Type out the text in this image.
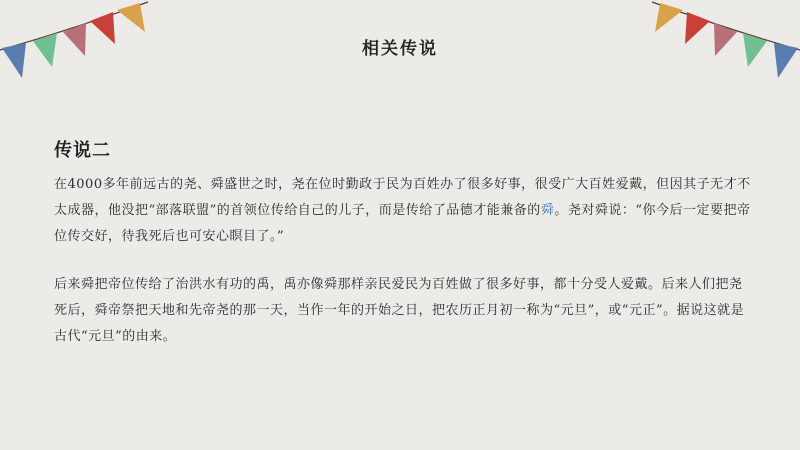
相关传说
传说二
在4000多年前远古的尧、舜盛世之时，尧在位时勤政于民为百姓办了很多好事，很受广大百姓爱戴，但因其子无才不太成器，他没把“部落联盟”的首领位传给自己的儿子，而是传给了品德才能兼备的舜。尧对舜说：“你今后一定要把帝位传交好，待我死后也可安心瞑目了。”
后来舜把帝位传给了治洪水有功的禹，禹亦像舜那样亲民爱民为百姓做了很多好事，都十分受人爱戴。后来人们把尧死后，舜帝祭把天地和先帝尧的那一天，当作一年的开始之日，把农历正月初一称为“元旦”，或“元正”。据说这就是古代“元旦”的由来。
